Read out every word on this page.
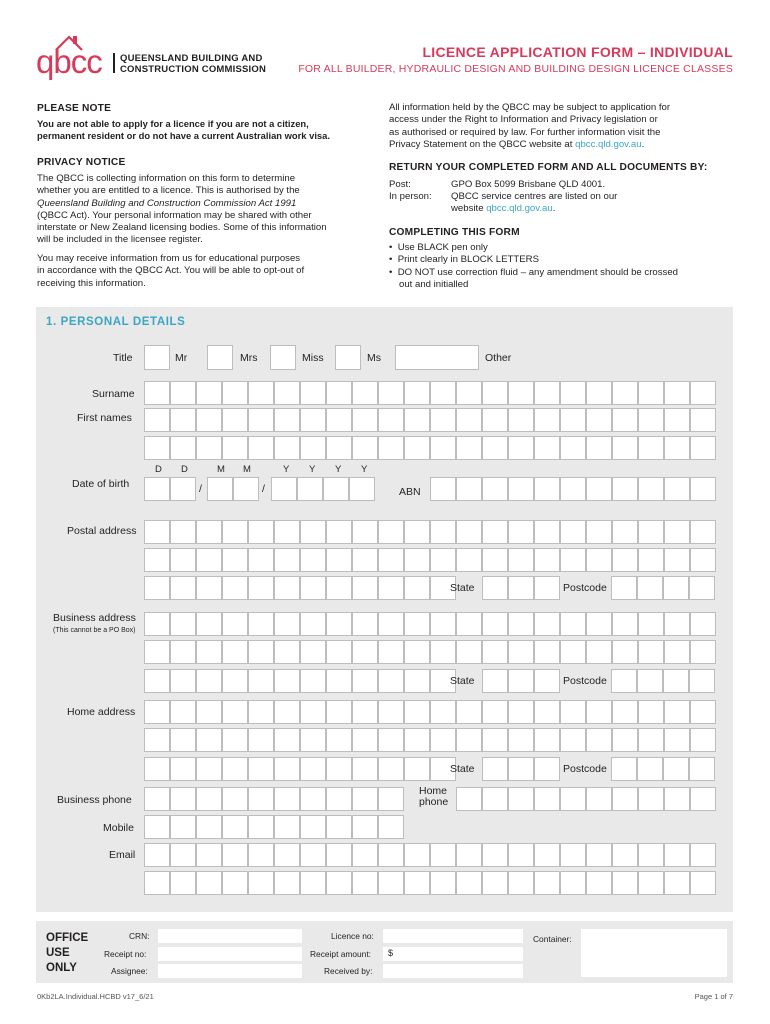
qbcc QUEENSLAND BUILDING AND
CONSTRUCTION COMMISSION
LICENCE APPLICATION FORM – INDIVIDUAL
FOR ALL BUILDER, HYDRAULIC DESIGN AND BUILDING DESIGN LICENCE CLASSES
PLEASE NOTE
You are not able to apply for a licence if you are not a citizen,
permanent resident or do not have a current Australian work visa.
PRIVACY NOTICE
The QBCC is collecting information on this form to determine
whether you are entitled to a licence. This is authorised by the
Queensland Building and Construction Commission Act 1991
(QBCC Act). Your personal information may be shared with other
interstate or New Zealand licensing bodies. Some of this information
will be included in the licensee register.
You may receive information from us for educational purposes
in accordance with the QBCC Act. You will be able to opt-out of
receiving this information.
All information held by the QBCC may be subject to application for
access under the Right to Information and Privacy legislation or
as authorised or required by law. For further information visit the
Privacy Statement on the QBCC website at qbcc.qld.gov.au.
RETURN YOUR COMPLETED FORM AND ALL DOCUMENTS BY:
Post:	GPO Box 5099 Brisbane QLD 4001.
In person: QBCC service centres are listed on our
website qbcc.qld.gov.au.
COMPLETING THIS FORM
•  Use BLACK pen only
•  Print clearly in BLOCK LETTERS
•  DO NOT use correction fluid – any amendment should be crossed
out and initialled
1. PERSONAL DETAILS
Title	Mr	Mrs	Miss	Ms	Other
Surname
First names
D D	M M	Y Y Y Y
Date of birth	/	/	ABN
Postal address
State	Postcode
Business address
(This cannot be a PO Box)
State	Postcode
Home address
State	Postcode
Business phone
Home
phone
Mobile
Email
OFFICE
USE
ONLY
CRN:
Receipt no:
Assignee:
Licence no:
Receipt amount: $
Received by:
Container:
0Kb2LA.Individual.HCBD v17_6/21	Page 1 of 7
